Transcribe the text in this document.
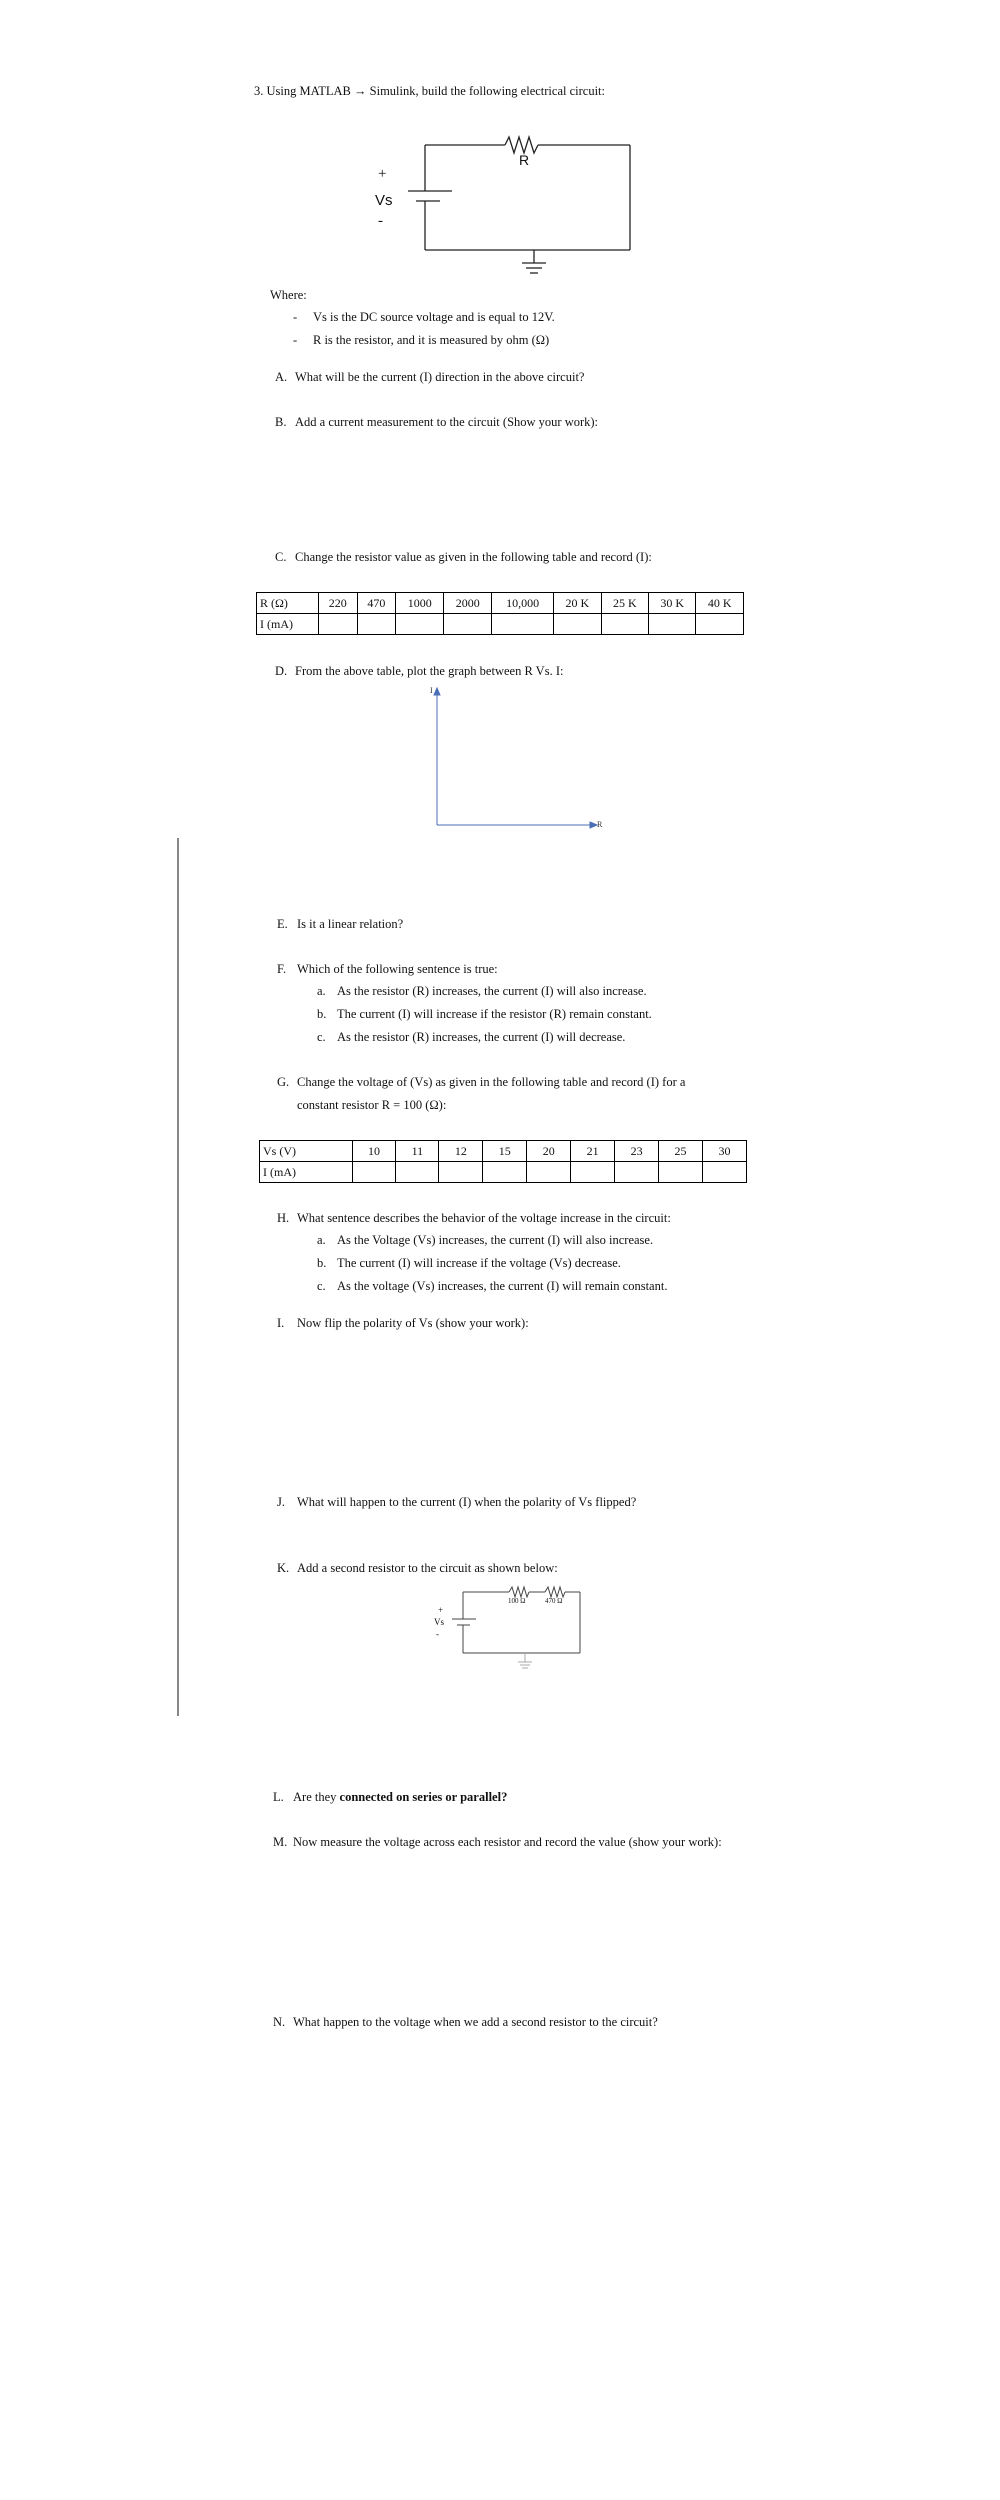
3. Using MATLAB → Simulink, build the following electrical circuit:
R
+
Vs
-
Where:
- Vs is the DC source voltage and is equal to 12V.
- R is the resistor, and it is measured by ohm (Ω)
A. What will be the current (I) direction in the above circuit?
B. Add a current measurement to the circuit (Show your work):
C. Change the resistor value as given in the following table and record (I):
R (Ω)	220	470	1000	2000	10,000	20 K	25 K	30 K	40 K
I (mA)									
D. From the above table, plot the graph between R Vs. I:
I
R
E. Is it a linear relation?
F. Which of the following sentence is true:
a. As the resistor (R) increases, the current (I) will also increase.
b. The current (I) will increase if the resistor (R) remain constant.
c. As the resistor (R) increases, the current (I) will decrease.
G. Change the voltage of (Vs) as given in the following table and record (I) for a
constant resistor R = 100 (Ω):
Vs (V)	10	11	12	15	20	21	23	25	30
I (mA)									
H. What sentence describes the behavior of the voltage increase in the circuit:
a. As the Voltage (Vs) increases, the current (I) will also increase.
b. The current (I) will increase if the voltage (Vs) decrease.
c. As the voltage (Vs) increases, the current (I) will remain constant.
I. Now flip the polarity of Vs (show your work):
J. What will happen to the current (I) when the polarity of Vs flipped?
K. Add a second resistor to the circuit as shown below:
100 Ω	470 Ω
+
Vs
-
L. Are they connected on series or parallel?
M. Now measure the voltage across each resistor and record the value (show your work):
N. What happen to the voltage when we add a second resistor to the circuit?
